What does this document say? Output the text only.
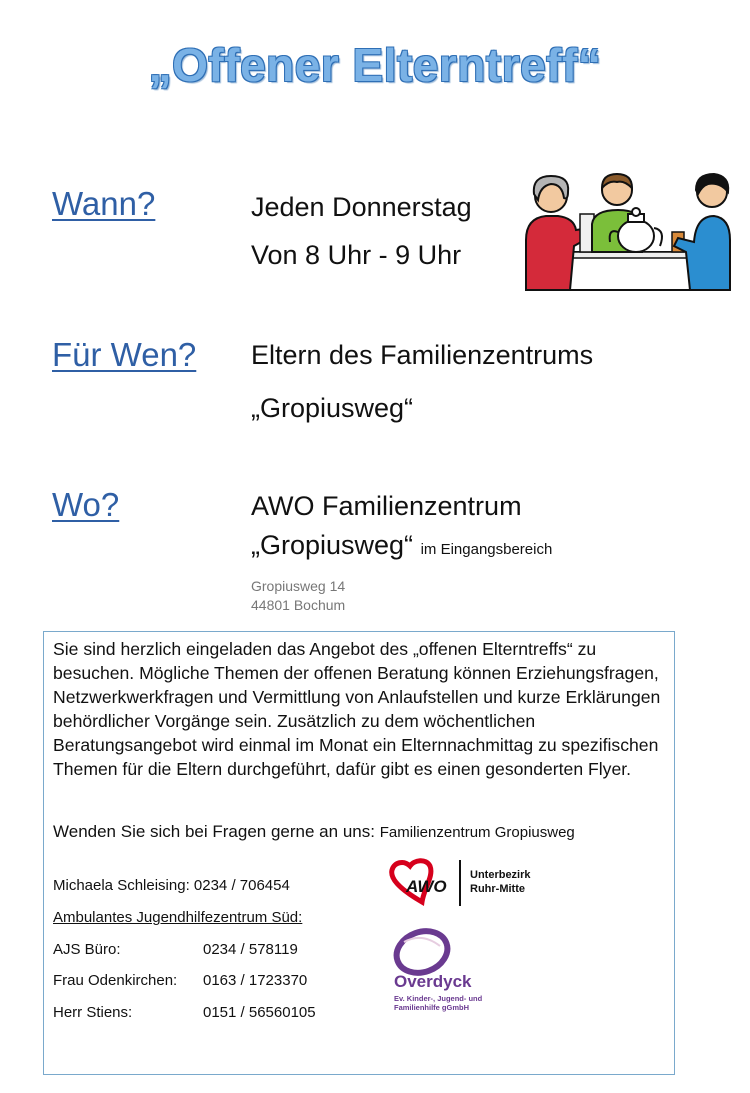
„Offener Elterntreff“
Wann?	Jeden Donnerstag
Von 8 Uhr - 9 Uhr
Für Wen? Eltern des Familienzentrums
„Gropiusweg“
Wo?	AWO Familienzentrum
„Gropiusweg“ im Eingangsbereich
Gropiusweg 14
44801 Bochum

Sie sind herzlich eingeladen das Angebot des „offenen Elterntreffs“ zu besuchen. Mögliche Themen der offenen Beratung können Erziehungsfragen, Netzwerkwerkfragen und Vermittlung von Anlaufstellen und kurze Erklärungen behördlicher Vorgänge sein. Zusätzlich zu dem wöchentlichen Beratungsangebot wird einmal im Monat ein Elternnachmittag zu spezifischen Themen für die Eltern durchgeführt, dafür gibt es einen gesonderten Flyer.

Wenden Sie sich bei Fragen gerne an uns: Familienzentrum Gropiusweg
Michaela Schleising: 0234 / 706454
Ambulantes Jugendhilfezentrum Süd:
AJS Büro:	0234 / 578119
Frau Odenkirchen: 0163 / 1723370
Herr Stiens:	0151 / 56560105
AWO
Unterbezirk
Ruhr-Mitte
Overdyck
Ev. Kinder-, Jugend- und
Familienhilfe gGmbH
